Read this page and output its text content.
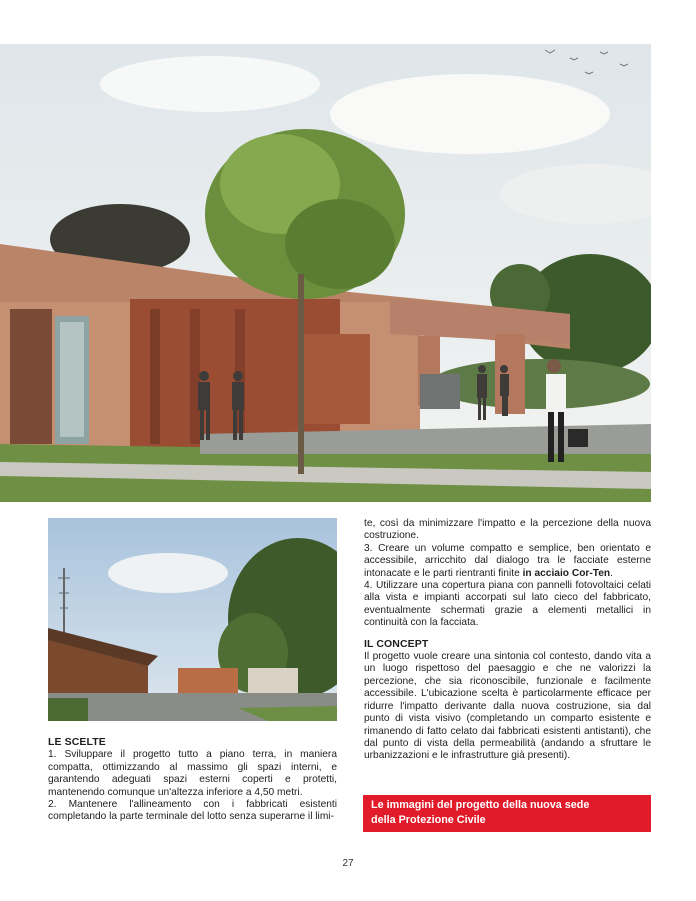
LE SCELTE

1. Sviluppare il progetto tutto a piano terra, in maniera compatta, ottimizzando al massimo gli spazi interni, e garantendo adeguati spazi esterni coperti e protetti, mantenendo comunque un'altezza inferiore a 4,50 metri.

2. Mantenere l'allineamento con i fabbricati esistenti completando la parte terminale del lotto senza superarne il limi-

te, così da minimizzare l'impatto e la percezione della nuova costruzione.

3. Creare un volume compatto e semplice, ben orientato e accessibile, arricchito dal dialogo tra le facciate esterne intonacate e le parti rientranti finite in acciaio Cor-Ten.

4. Utilizzare una copertura piana con pannelli fotovoltaici celati alla vista e impianti accorpati sul lato cieco del fabbricato, eventualmente schermati grazie a elementi metallici in continuità con la facciata.

IL CONCEPT

Il progetto vuole creare una sintonia col contesto, dando vita a un luogo rispettoso del paesaggio e che ne valorizzi la percezione, che sia riconoscibile, funzionale e facilmente accessibile. L'ubicazione scelta è particolarmente efficace per ridurre l'impatto derivante dalla nuova costruzione, sia dal punto di vista visivo (completando un comparto esistente e rimanendo di fatto celato dai fabbricati esistenti antistanti), che dal punto di vista della permeabilità (andando a sfruttare le urbanizzazioni e le infrastrutture già presenti).

Le immagini del progetto della nuova sede
della Protezione Civile
27
